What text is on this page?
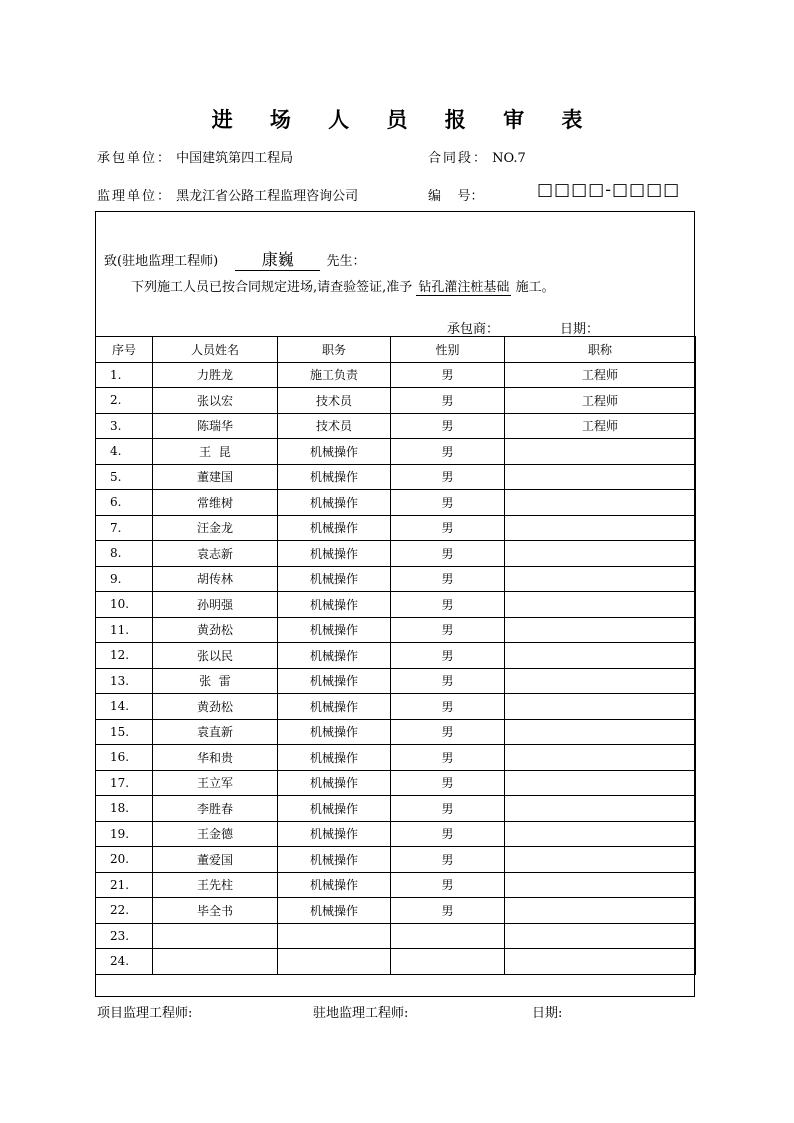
进 场 人 员 报 审 表
承包单位： 中国建筑第四工程局	合同段： NO.7
监理单位： 黑龙江省公路工程监理咨询公司	编    号：	□□□□-□□□□
致(驻地监理工程师)	康巍	先生：
下列施工人员已按合同规定进场,请查验签证,准予 钻孔灌注桩基础 施工。
承包商：	日期：
序号	人员姓名	职务	性别	职称
1.	力胜龙	施工负责	男	工程师
2.	张以宏	技术员	男	工程师
3.	陈瑞华	技术员	男	工程师
4.	王  昆	机械操作	男	
5.	董建国	机械操作	男	
6.	常维树	机械操作	男	
7.	汪金龙	机械操作	男	
8.	袁志新	机械操作	男	
9.	胡传林	机械操作	男	
10.	孙明强	机械操作	男	
11.	黄劲松	机械操作	男	
12.	张以民	机械操作	男	
13.	张  雷	机械操作	男	
14.	黄劲松	机械操作	男	
15.	袁直新	机械操作	男	
16.	华和贵	机械操作	男	
17.	王立军	机械操作	男	
18.	李胜春	机械操作	男	
19.	王金德	机械操作	男	
20.	董爱国	机械操作	男	
21.	王先柱	机械操作	男	
22.	毕全书	机械操作	男	
23.				
24.				
项目监理工程师:	驻地监理工程师:	日期:
